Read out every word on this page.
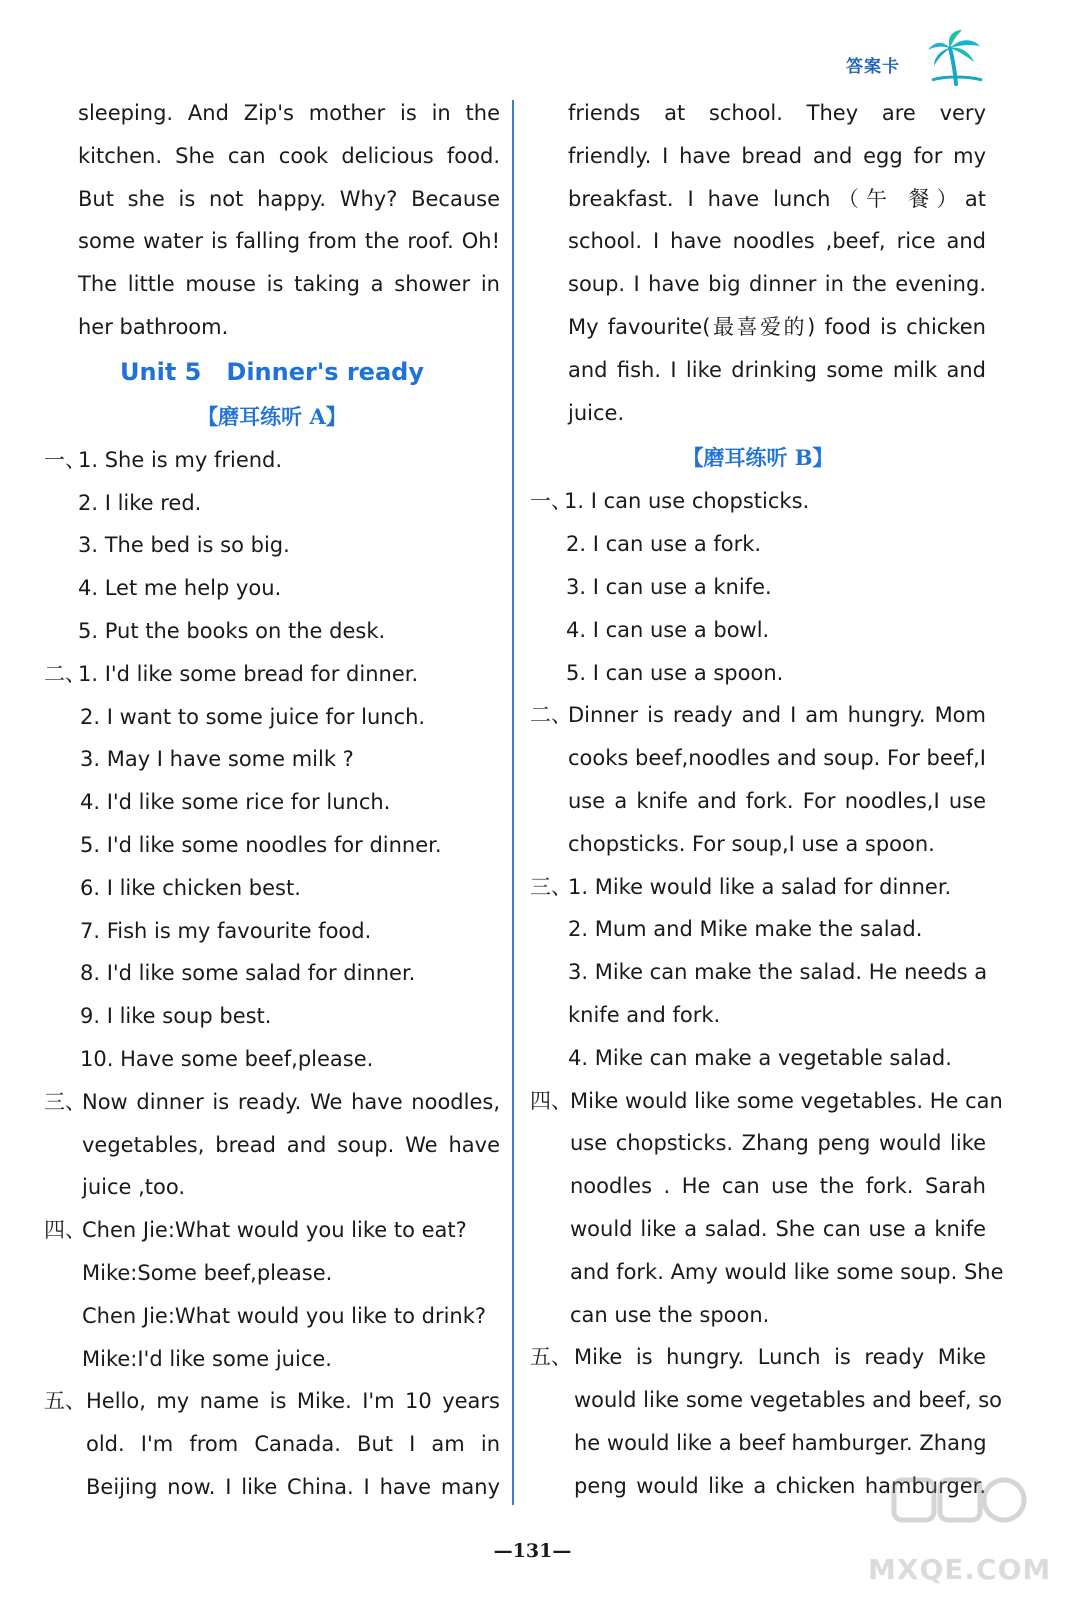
答案卡
sleeping. And Zip's mother is in the
kitchen. She can cook delicious food.
But she is not happy. Why? Because
some water is falling from the roof. Oh!
The little mouse is taking a shower in
her bathroom.
Unit 5   Dinner's ready
【磨耳练听 A】
一、
1. She is my friend.
2. I like red.
3. The bed is so big.
4. Let me help you.
5. Put the books on the desk.
二、
1. I'd like some bread for dinner.
2. I want to some juice for lunch.
3. May I have some milk ?
4. I'd like some rice for lunch.
5. I'd like some noodles for dinner.
6. I like chicken best.
7. Fish is my favourite food.
8. I'd like some salad for dinner.
9. I like soup best.
10. Have some beef,please.
三、
Now dinner is ready. We have noodles,
vegetables, bread and soup. We have
juice ,too.
四、
Chen Jie:What would you like to eat?
Mike:Some beef,please.
Chen Jie:What would you like to drink?
Mike:I'd like some juice.
五、 Hello, my name is Mike. I'm 10 years
old. I'm from Canada. But I am in
Beijing now. I like China. I have many
friends at school. They are very
friendly. I have bread and egg for my
breakfast. I have lunch（午 餐）at
school. I have noodles ,beef, rice and
soup. I have big dinner in the evening.
My favourite(最喜爱的) food is chicken
and fish. I like drinking some milk and
juice.
【磨耳练听 B】
一、
1. I can use chopsticks.
2. I can use a fork.
3. I can use a knife.
4. I can use a bowl.
5. I can use a spoon.
二、
Dinner is ready and I am hungry. Mom
cooks beef,noodles and soup. For beef,I
use a knife and fork. For noodles,I use
chopsticks. For soup,I use a spoon.
三、
1. Mike would like a salad for dinner.
2. Mum and Mike make the salad.
3. Mike can make the salad. He needs a
knife and fork.
4. Mike can make a vegetable salad.
四、
Mike would like some vegetables. He can
use chopsticks. Zhang peng would like
noodles . He can use the fork. Sarah
would like a salad. She can use a knife
and fork. Amy would like some soup. She
can use the spoon.
五、 Mike is hungry. Lunch is ready Mike
would like some vegetables and beef, so
he would like a beef hamburger. Zhang
peng would like a chicken hamburger.
—131—
MXQE.COM
